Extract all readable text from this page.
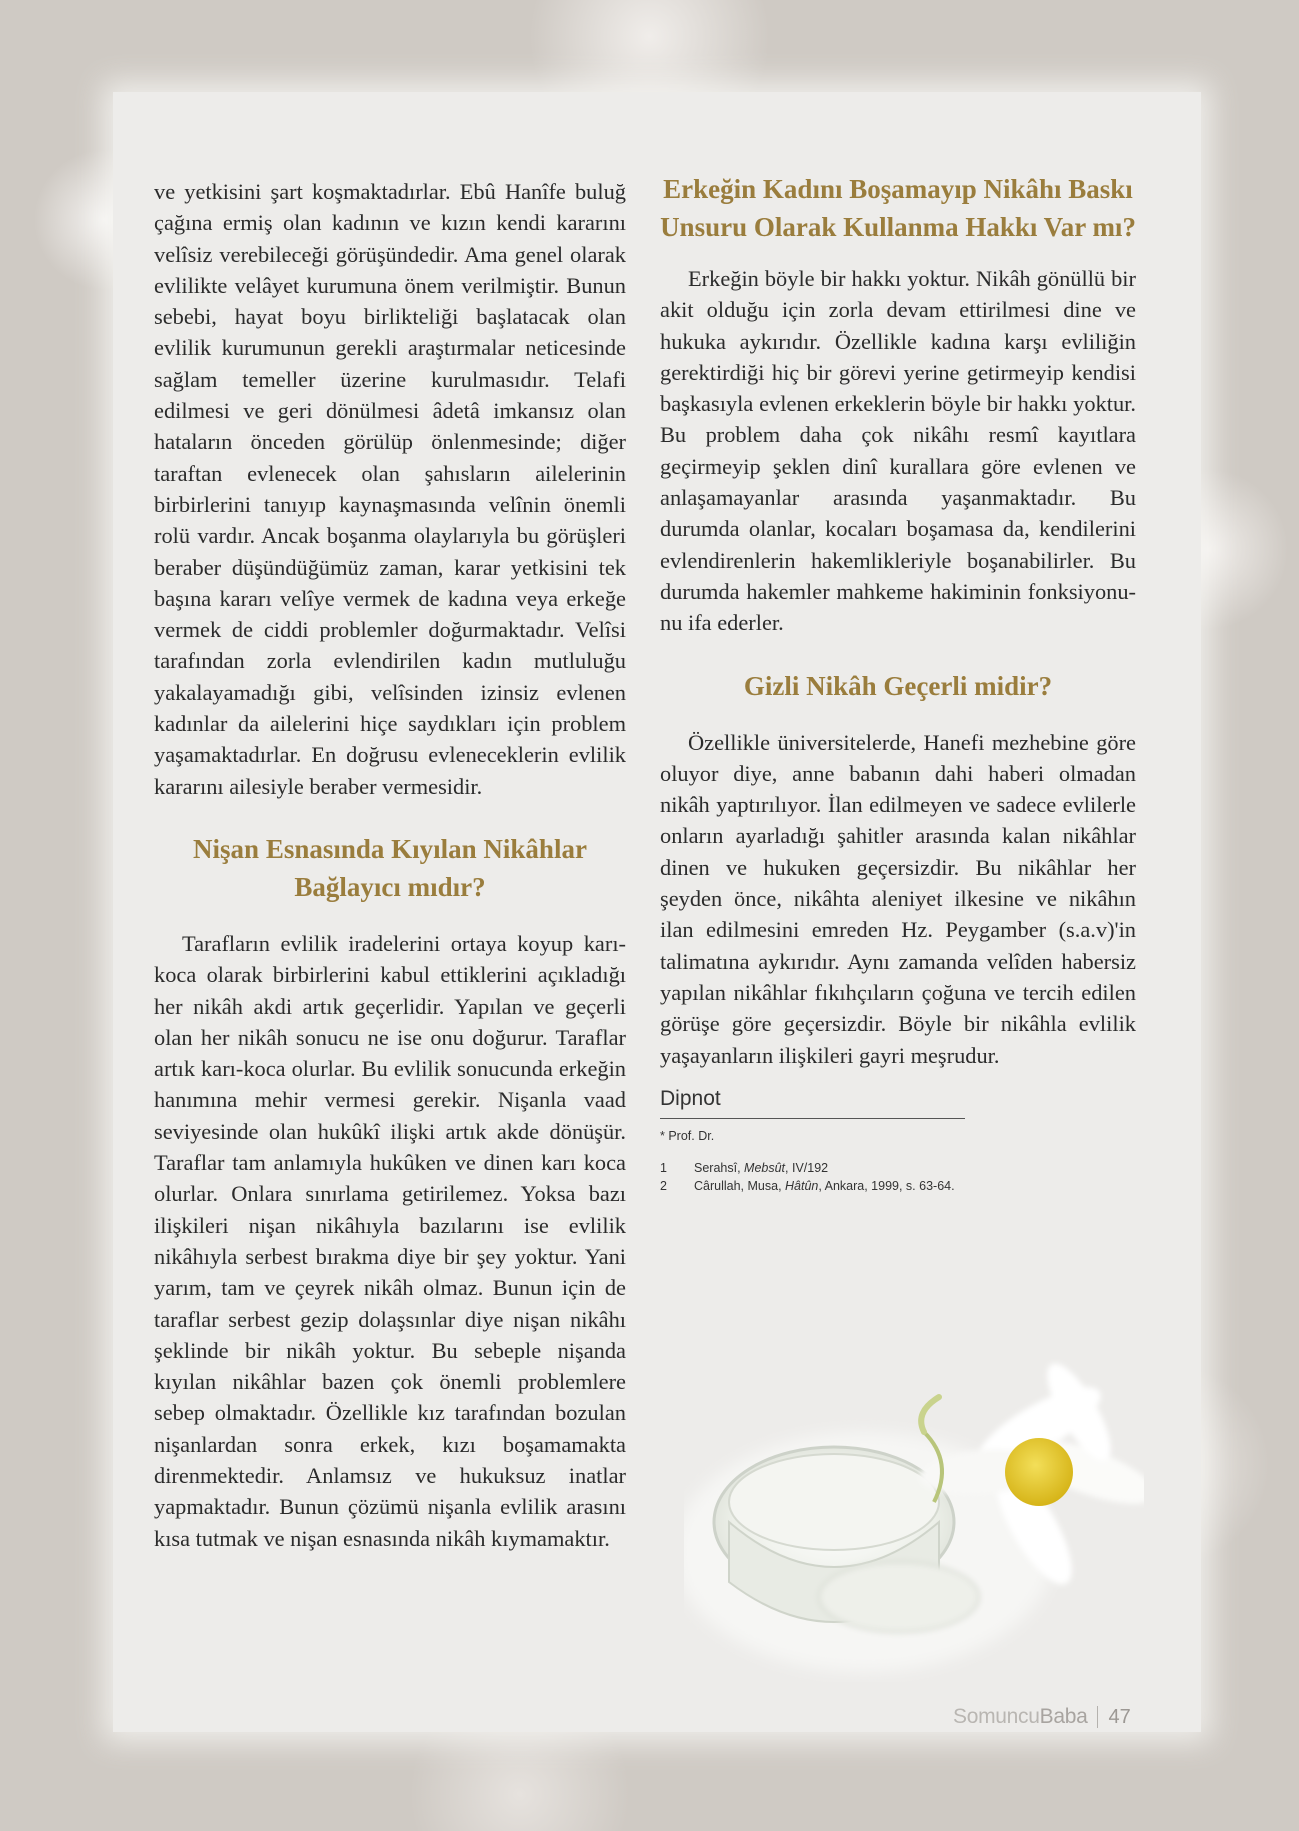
ve yetkisini şart koşmaktadırlar. Ebû Hanîfe buluğ çağına ermiş olan kadının ve kızın kendi kararını velîsiz verebileceği görüşündedir. Ama genel olarak evlilikte velâyet kurumuna önem verilmiştir. Bunun sebebi, hayat boyu birlikteliği başlatacak olan evlilik kurumunun gerekli araştırmalar neticesinde sağlam temeller üzerine kurulmasıdır. Telafi edilmesi ve geri dönülmesi âdetâ imkansız olan hataların önceden görülüp önlenmesinde; diğer taraftan evlenecek olan şahısların ailelerinin birbirlerini tanıyıp kaynaşmasında velînin önemli rolü vardır. Ancak boşanma olaylarıyla bu görüşleri beraber düşündüğümüz zaman, karar yetkisini tek başına kararı velîye vermek de kadına veya erkeğe vermek de ciddi problemler doğurmaktadır. Velîsi tarafından zorla evlendirilen kadın mutluluğu yakalayamadığı gibi, velîsinden izinsiz evlenen kadınlar da ailelerini hiçe saydıkları için problem yaşamaktadırlar. En doğrusu evleneceklerin evlilik kararını ailesiyle beraber vermesidir.

Nişan Esnasında Kıyılan Nikâhlar Bağlayıcı mıdır?

Tarafların evlilik iradelerini ortaya koyup karı-koca olarak birbirlerini kabul ettiklerini açıkladığı her nikâh akdi artık geçerlidir. Yapılan ve geçerli olan her nikâh sonucu ne ise onu doğurur. Taraflar artık karı-koca olurlar. Bu evlilik sonucunda erkeğin hanımına mehir vermesi gerekir. Nişanla vaad seviyesinde olan hukûkî ilişki artık akde dönüşür. Taraflar tam anlamıyla hukûken ve dinen karı koca olurlar. Onlara sınırlama getirilemez. Yoksa bazı ilişkileri nişan nikâhıyla bazılarını ise evlilik nikâhıyla serbest bırakma diye bir şey yoktur. Yani yarım, tam ve çeyrek nikâh olmaz. Bunun için de taraflar serbest gezip dolaşsınlar diye nişan nikâhı şeklinde bir nikâh yoktur. Bu sebeple nişanda kıyılan nikâhlar bazen çok önemli problemlere sebep olmaktadır. Özellikle kız tarafından bozulan nişanlardan sonra erkek, kızı boşamamakta direnmektedir. Anlamsız ve hukuksuz inatlar yapmaktadır. Bunun çözümü nişanla evlilik arasını kısa tutmak ve nişan esnasında nikâh kıymamaktır.

Erkeğin Kadını Boşamayıp Nikâhı Baskı Unsuru Olarak Kullanma Hakkı Var mı?

Erkeğin böyle bir hakkı yoktur. Nikâh gönüllü bir akit olduğu için zorla devam ettirilmesi dine ve hukuka aykırıdır. Özellikle kadına karşı evliliğin gerektirdiği hiç bir görevi yerine getirmeyip kendisi başkasıyla evlenen erkeklerin böyle bir hakkı yoktur. Bu problem daha çok nikâhı resmî kayıtlara geçirmeyip şeklen dinî kurallara göre evlenen ve anlaşamayanlar arasında yaşanmaktadır. Bu durumda olanlar, kocaları boşamasa da, kendilerini evlendirenlerin hakemlikleriyle boşanabilirler. Bu durumda hakemler mahkeme hakiminin fonksiyonunu ifa ederler.

Gizli Nikâh Geçerli midir?

Özellikle üniversitelerde, Hanefi mezhebine göre oluyor diye, anne babanın dahi haberi olmadan nikâh yaptırılıyor. İlan edilmeyen ve sadece evlilerle onların ayarladığı şahitler arasında kalan nikâhlar dinen ve hukuken geçersizdir. Bu nikâhlar her şeyden önce, nikâhta aleniyet ilkesine ve nikâhın ilan edilmesini emreden Hz. Peygamber (s.a.v)'in talimatına aykırıdır. Aynı zamanda velîden habersiz yapılan nikâhlar fıkıhçıların çoğuna ve tercih edilen görüşe göre geçersizdir. Böyle bir nikâhla evlilik yaşayanların ilişkileri gayri meşrudur.

Dipnot
* Prof. Dr.
1	Serahsî, Mebsût, IV/192
2	Cârullah, Musa, Hâtûn, Ankara, 1999, s. 63-64.
SomuncuBaba 47
